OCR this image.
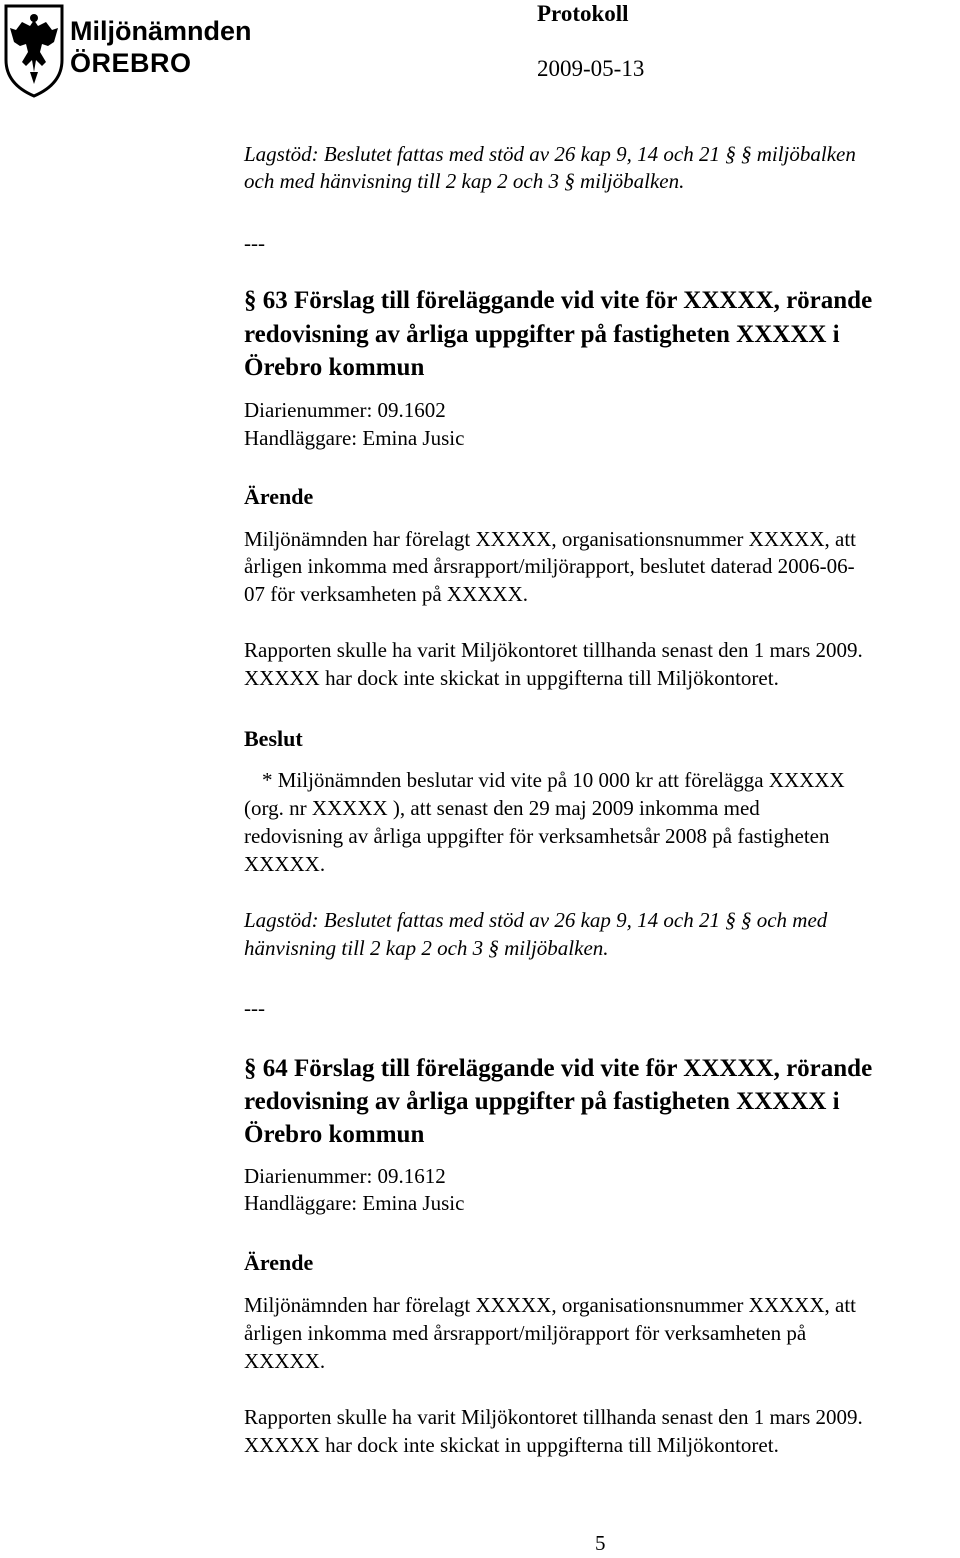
Miljönämnden
ÖREBRO
Protokoll
2009-05-13
Lagstöd: Beslutet fattas med stöd av 26 kap 9, 14 och 21 § § miljöbalken
och med hänvisning till 2 kap 2 och 3 § miljöbalken.
---
§ 63 Förslag till föreläggande vid vite för XXXXX, rörande
redovisning av årliga uppgifter på fastigheten XXXXX i
Örebro kommun
Diarienummer: 09.1602
Handläggare: Emina Jusic
Ärende
Miljönämnden har förelagt XXXXX, organisationsnummer XXXXX, att
årligen inkomma med årsrapport/miljörapport, beslutet daterad 2006-06-
07 för verksamheten på XXXXX.
Rapporten skulle ha varit Miljökontoret tillhanda senast den 1 mars 2009.
XXXXX har dock inte skickat in uppgifterna till Miljökontoret.
Beslut
* Miljönämnden beslutar vid vite på 10 000 kr att förelägga XXXXX
(org. nr XXXXX ), att senast den 29 maj 2009 inkomma med
redovisning av årliga uppgifter för verksamhetsår 2008 på fastigheten
XXXXX.
Lagstöd: Beslutet fattas med stöd av 26 kap 9, 14 och 21 § § och med
hänvisning till 2 kap 2 och 3 § miljöbalken.
---
§ 64 Förslag till föreläggande vid vite för XXXXX, rörande
redovisning av årliga uppgifter på fastigheten XXXXX i
Örebro kommun
Diarienummer: 09.1612
Handläggare: Emina Jusic
Ärende
Miljönämnden har förelagt XXXXX, organisationsnummer XXXXX, att
årligen inkomma med årsrapport/miljörapport för verksamheten på
XXXXX.
Rapporten skulle ha varit Miljökontoret tillhanda senast den 1 mars 2009.
XXXXX har dock inte skickat in uppgifterna till Miljökontoret.
5
